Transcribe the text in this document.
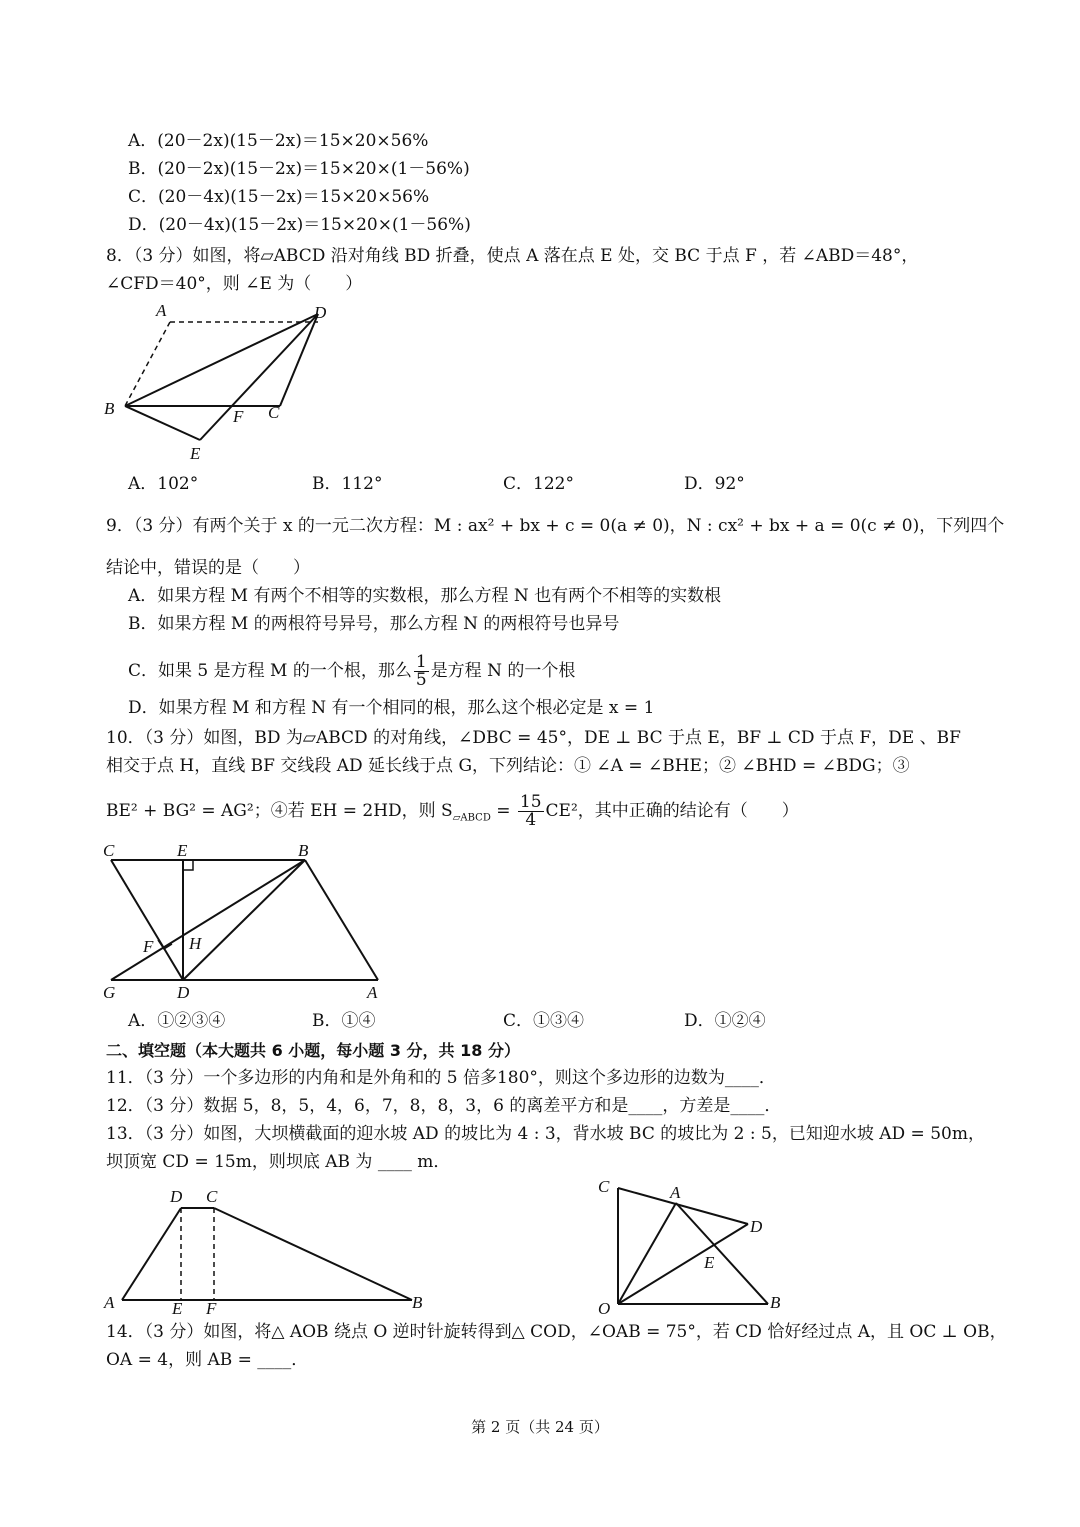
A．(20－2x)(15－2x)＝15×20×56%
B．(20－2x)(15－2x)＝15×20×(1－56%)
C．(20－4x)(15－2x)＝15×20×56%
D．(20－4x)(15－2x)＝15×20×(1－56%)
8．（3 分）如图，将▱ABCD 沿对角线 BD 折叠，使点 A 落在点 E 处，交 BC 于点 F ，若 ∠ABD＝48°，
∠CFD＝40°，则 ∠E 为（　　）
A	D
B	F C
E
A．102°	B．112°	C．122°	D．92°
9．（3 分）有两个关于 x 的一元二次方程：M : ax² + bx + c = 0(a ≠ 0)，N : cx² + bx + a = 0(c ≠ 0)，下列四个
结论中，错误的是（　　）
A．如果方程 M 有两个不相等的实数根，那么方程 N 也有两个不相等的实数根
B．如果方程 M 的两根符号异号，那么方程 N 的两根符号也异号
C．如果 5 是方程 M 的一个根，那么 $\frac{1}{5}$ 是方程 N 的一个根
D．如果方程 M 和方程 N 有一个相同的根，那么这个根必定是 x = 1
10．（3 分）如图，BD 为▱ABCD 的对角线，∠DBC = 45°，DE ⊥ BC 于点 E，BF ⊥ CD 于点 F，DE 、BF
相交于点 H，直线 BF 交线段 AD 延长线于点 G，下列结论：① ∠A = ∠BHE；② ∠BHD = ∠BDG；③
BE² + BG² = AG²；④若 EH = 2HD，则 $S_{▱ABCD} = \frac{15}{4} CE^2$，其中正确的结论有（　　）
C	E	B
F H
G	D	A
A．①②③④	B．①④	C．①③④	D．①②④
二、填空题（本大题共 6 小题，每小题 3 分，共 18 分）
11．（3 分）一个多边形的内角和是外角和的 5 倍多180°，则这个多边形的边数为____．
12．（3 分）数据 5，8，5，4，6，7，8，8，3，6 的离差平方和是____，方差是____．
13．（3 分）如图，大坝横截面的迎水坡 AD 的坡比为 4 : 3，背水坡 BC 的坡比为 2 : 5，已知迎水坡 AD = 50m，
坝顶宽 CD = 15m，则坝底 AB 为 ____ m．
D C
A	E F	B
C	A
D
E
O	B
14．（3 分）如图，将△ AOB 绕点 O 逆时针旋转得到△ COD，∠OAB = 75°，若 CD 恰好经过点 A，且 OC ⊥ OB，
OA = 4，则 AB = ____．
第 2 页（共 24 页）
